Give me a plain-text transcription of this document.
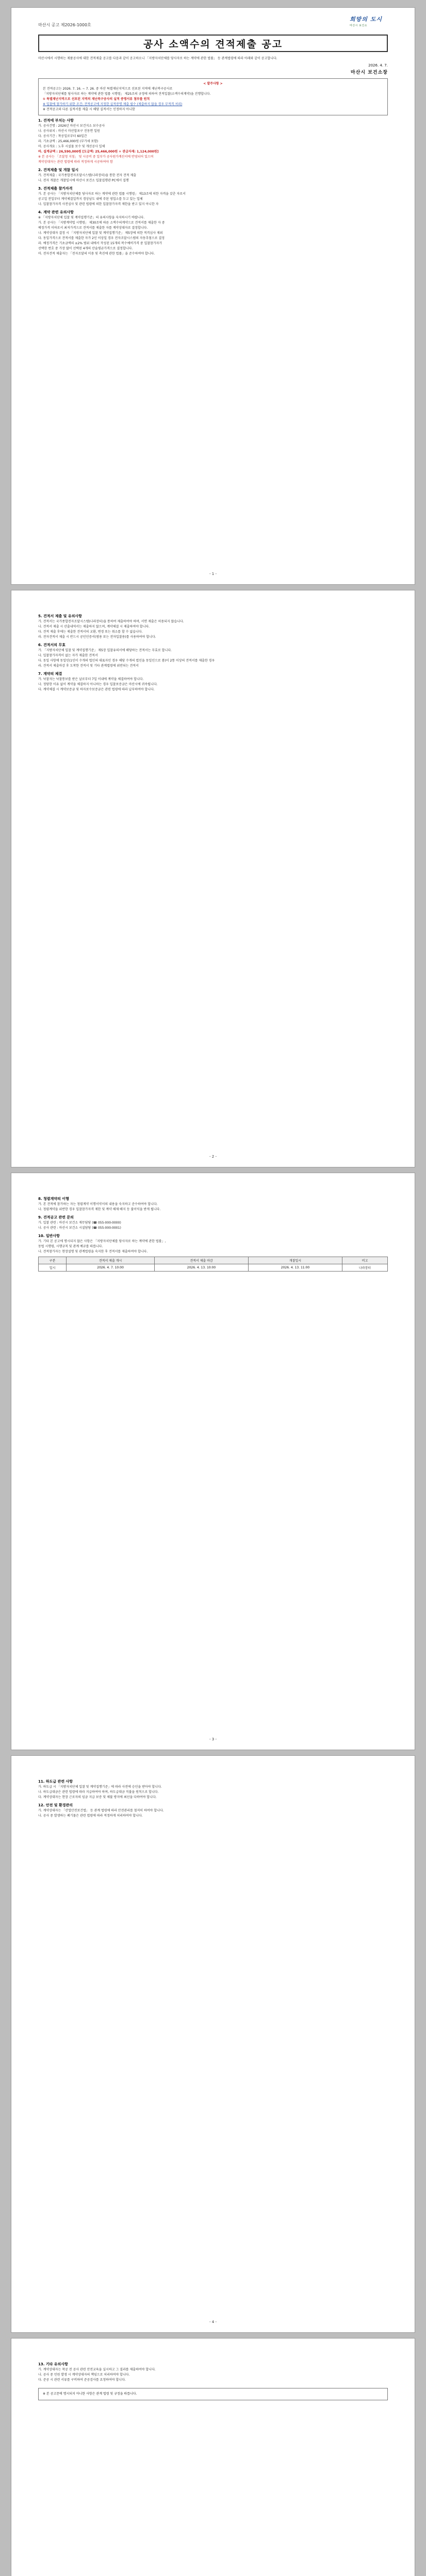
마산시 공고 제2026-1000호
희망의 도시
마산시 보건소
공사 소액수의 견적제출 공고
마산시에서 시행하는 제품공사에 대한 견적제출 공고를 다음과 같이 공고하오니 「지방자치단체를 당사자로 하는 계약에 관한 법률」 등 관계법령에 따라 아래와 같이 공고합니다.
2026. 4. 7.
마산시 보건소장
< 발주사항 >
본 견적공고는 2026. 7. 16. ~ 7. 26. 중 마산 특별재난지역으로 선포된 지역에 재난복구공사로
「지방자치단체를 당사자로 하는 계약에 관한 법률 시행령」 제25조의 규정에 의하여 견적입찰(소액수의계약)을 진행합니다.
① 특별재난지역으로 선포된 지역의 재난복구공사의 실적 증명서류 첨부를 원칙
※ 입찰에 참가하기 위한 조건: 견적공고에 지정한 실적증명 제출 필수 (제출하지 않을 경우 부적격 처리)
※ 견적공고와 다른 실적서를 제출 시 해당 실적서는 인정하지 아니함
1. 견적에 부치는 사항
가. 공사건명 : 2026년 마산시 보건지소 보수공사
나. 공사위치 : 마산시 마산합포구 진동면 일원
다. 공사기간 : 착공일로부터 60일간
라. 기초금액 : 25,466,000원 (부가세 포함)
마. 공사개요 : 노후 시설물 보수 및 개선공사 일체
바. 설계금액 : 26,590,000원 [도급액: 25,466,000원 + 관급자재: 1,124,000원]
※ 본 공사는 「조달청 지침」 및 시공비 중 일부가 공사원가계산서에 반영되어 있으며
계약상대자는 관련 법령에 따라 적정하게 시공하여야 함
2. 견적제출 및 개찰 일시
가. 견적제출 : 국가종합전자조달시스템(나라장터)을 통한 전자 견적 제출
나. 전자 개찰은 개찰일시에 마산시 보건소 입찰집행관 PC에서 집행
3. 견적제출 참가자격
가. 본 공사는 「지방자치단체를 당사자로 하는 계약에 관한 법률 시행령」 제13조에 의한 자격을 갖춘 자로서
공고일 전일부터 계약체결일까지 경상남도 내에 주된 영업소를 두고 있는 업체
나. 입찰참가자격 사전심사 및 관련 법령에 의한 입찰참가자격 제한을 받고 있지 아니한 자
4. 계약 관련 유의사항
※ 「지방자치단체 입찰 및 계약집행기준」의 유의사항을 숙지하시기 바랍니다.
가. 본 공사는 「지방계약법 시행령」 제30조에 따른 소액수의계약으로 견적서를 제출한 자 중
예정가격 이하로서 최저가격으로 견적서를 제출한 자를 계약상대자로 결정합니다.
나. 계약상대자 결정 시 「지방자치단체 입찰 및 계약집행기준」 제5장에 의한 적격심사 제외
다. 동일가격으로 견적서를 제출한 자가 2인 이상일 경우 전자조달시스템의 자동추첨으로 결정
라. 예정가격은 기초금액의 ±2% 범위 내에서 작성된 15개의 복수예비가격 중 입찰참가자가
선택한 번호 중 가장 많이 선택된 4개의 산술평균가격으로 결정합니다.
마. 전자견적 제출자는 「전자조달의 이용 및 촉진에 관한 법률」을 준수하여야 합니다.
- 1 -
5. 견적서 제출 및 유의사항
가. 견적서는 국가종합전자조달시스템(나라장터)을 통하여 제출하여야 하며, 서면 제출은 허용되지 않습니다.
나. 견적서 제출 시 산출내역서는 제출하지 않으며, 계약체결 시 제출하여야 합니다.
다. 견적 제출 후에는 제출한 견적서의 교환, 변경 또는 취소를 할 수 없습니다.
라. 전자견적서 제출 시 반드시 공인인증서(범용 또는 전자입찰용)를 사용하여야 합니다.
6. 견적서의 무효
가. 「지방자치단체 입찰 및 계약집행기준」 제5장 입찰유의서에 해당하는 견적서는 무효로 합니다.
나. 입찰참가자격이 없는 자가 제출한 견적서
다. 동일 사항에 동일인(1인이 수개의 법인의 대표자인 경우 해당 수개의 법인을 동일인으로 봄)이 2통 이상의 견적서를 제출한 경우
라. 견적서 제출마감 후 도착한 견적서 및 기타 관계법령에 위반되는 견적서
7. 계약의 체결
가. 낙찰자는 낙찰통보를 받은 날로부터 7일 이내에 계약을 체결하여야 합니다.
나. 정당한 이유 없이 계약을 체결하지 아니하는 경우 입찰보증금은 마산시에 귀속됩니다.
다. 계약체결 시 계약보증금 및 하자보수보증금은 관련 법령에 따라 납부하여야 합니다.
- 2 -
8. 청렴계약의 이행
가. 본 견적에 참가하는 자는 청렴계약 이행서약서의 내용을 숙지하고 준수하여야 합니다.
나. 청렴계약을 위반한 경우 입찰참가자격 제한 및 계약 해제·해지 등 불이익을 받게 됩니다.
9. 견적공고 관련 문의
가. 입찰 관련 : 마산시 보건소 재무담당 (☎ 055-000-0000)
나. 공사 관련 : 마산시 보건소 시설담당 (☎ 055-000-0001)
10. 일반사항
가. 기타 본 공고에 명시되지 않은 사항은 「지방자치단체를 당사자로 하는 계약에 관한 법률」,
동법 시행령, 시행규칙 및 관계 예규를 따릅니다.
나. 견적참가자는 현장설명 및 관계법령을 숙지한 후 견적서를 제출하여야 합니다.
구분	견적서 제출 개시	견적서 제출 마감	개찰일시	비고
일시	2026. 4. 7. 10:00	2026. 4. 13. 10:00	2026. 4. 13. 11:00	나라장터
- 3 -
11. 하도급 관련 사항
가. 하도급 시 「지방자치단체 입찰 및 계약집행기준」에 따라 사전에 승인을 받아야 합니다.
나. 하도급대금은 관련 법령에 따라 지급하여야 하며, 하도급대금 직불을 원칙으로 합니다.
다. 계약상대자는 현장 근로자의 임금 지급 보증 및 체불 방지에 최선을 다하여야 합니다.
12. 안전 및 환경관리
가. 계약상대자는 「산업안전보건법」 등 관계 법령에 따라 안전관리를 철저히 하여야 합니다.
나. 공사 중 발생하는 폐기물은 관련 법령에 따라 적정하게 처리하여야 합니다.
- 4 -
13. 기타 유의사항
가. 계약상대자는 착공 전 공사 관련 안전교육을 실시하고 그 결과를 제출하여야 합니다.
나. 공사 중 민원 발생 시 계약상대자의 책임으로 처리하여야 합니다.
다. 준공 시 관련 서류를 구비하여 준공검사를 요청하여야 합니다.
※ 본 공고문에 명시되지 아니한 사항은 관계 법령 및 규정을 따릅니다.
